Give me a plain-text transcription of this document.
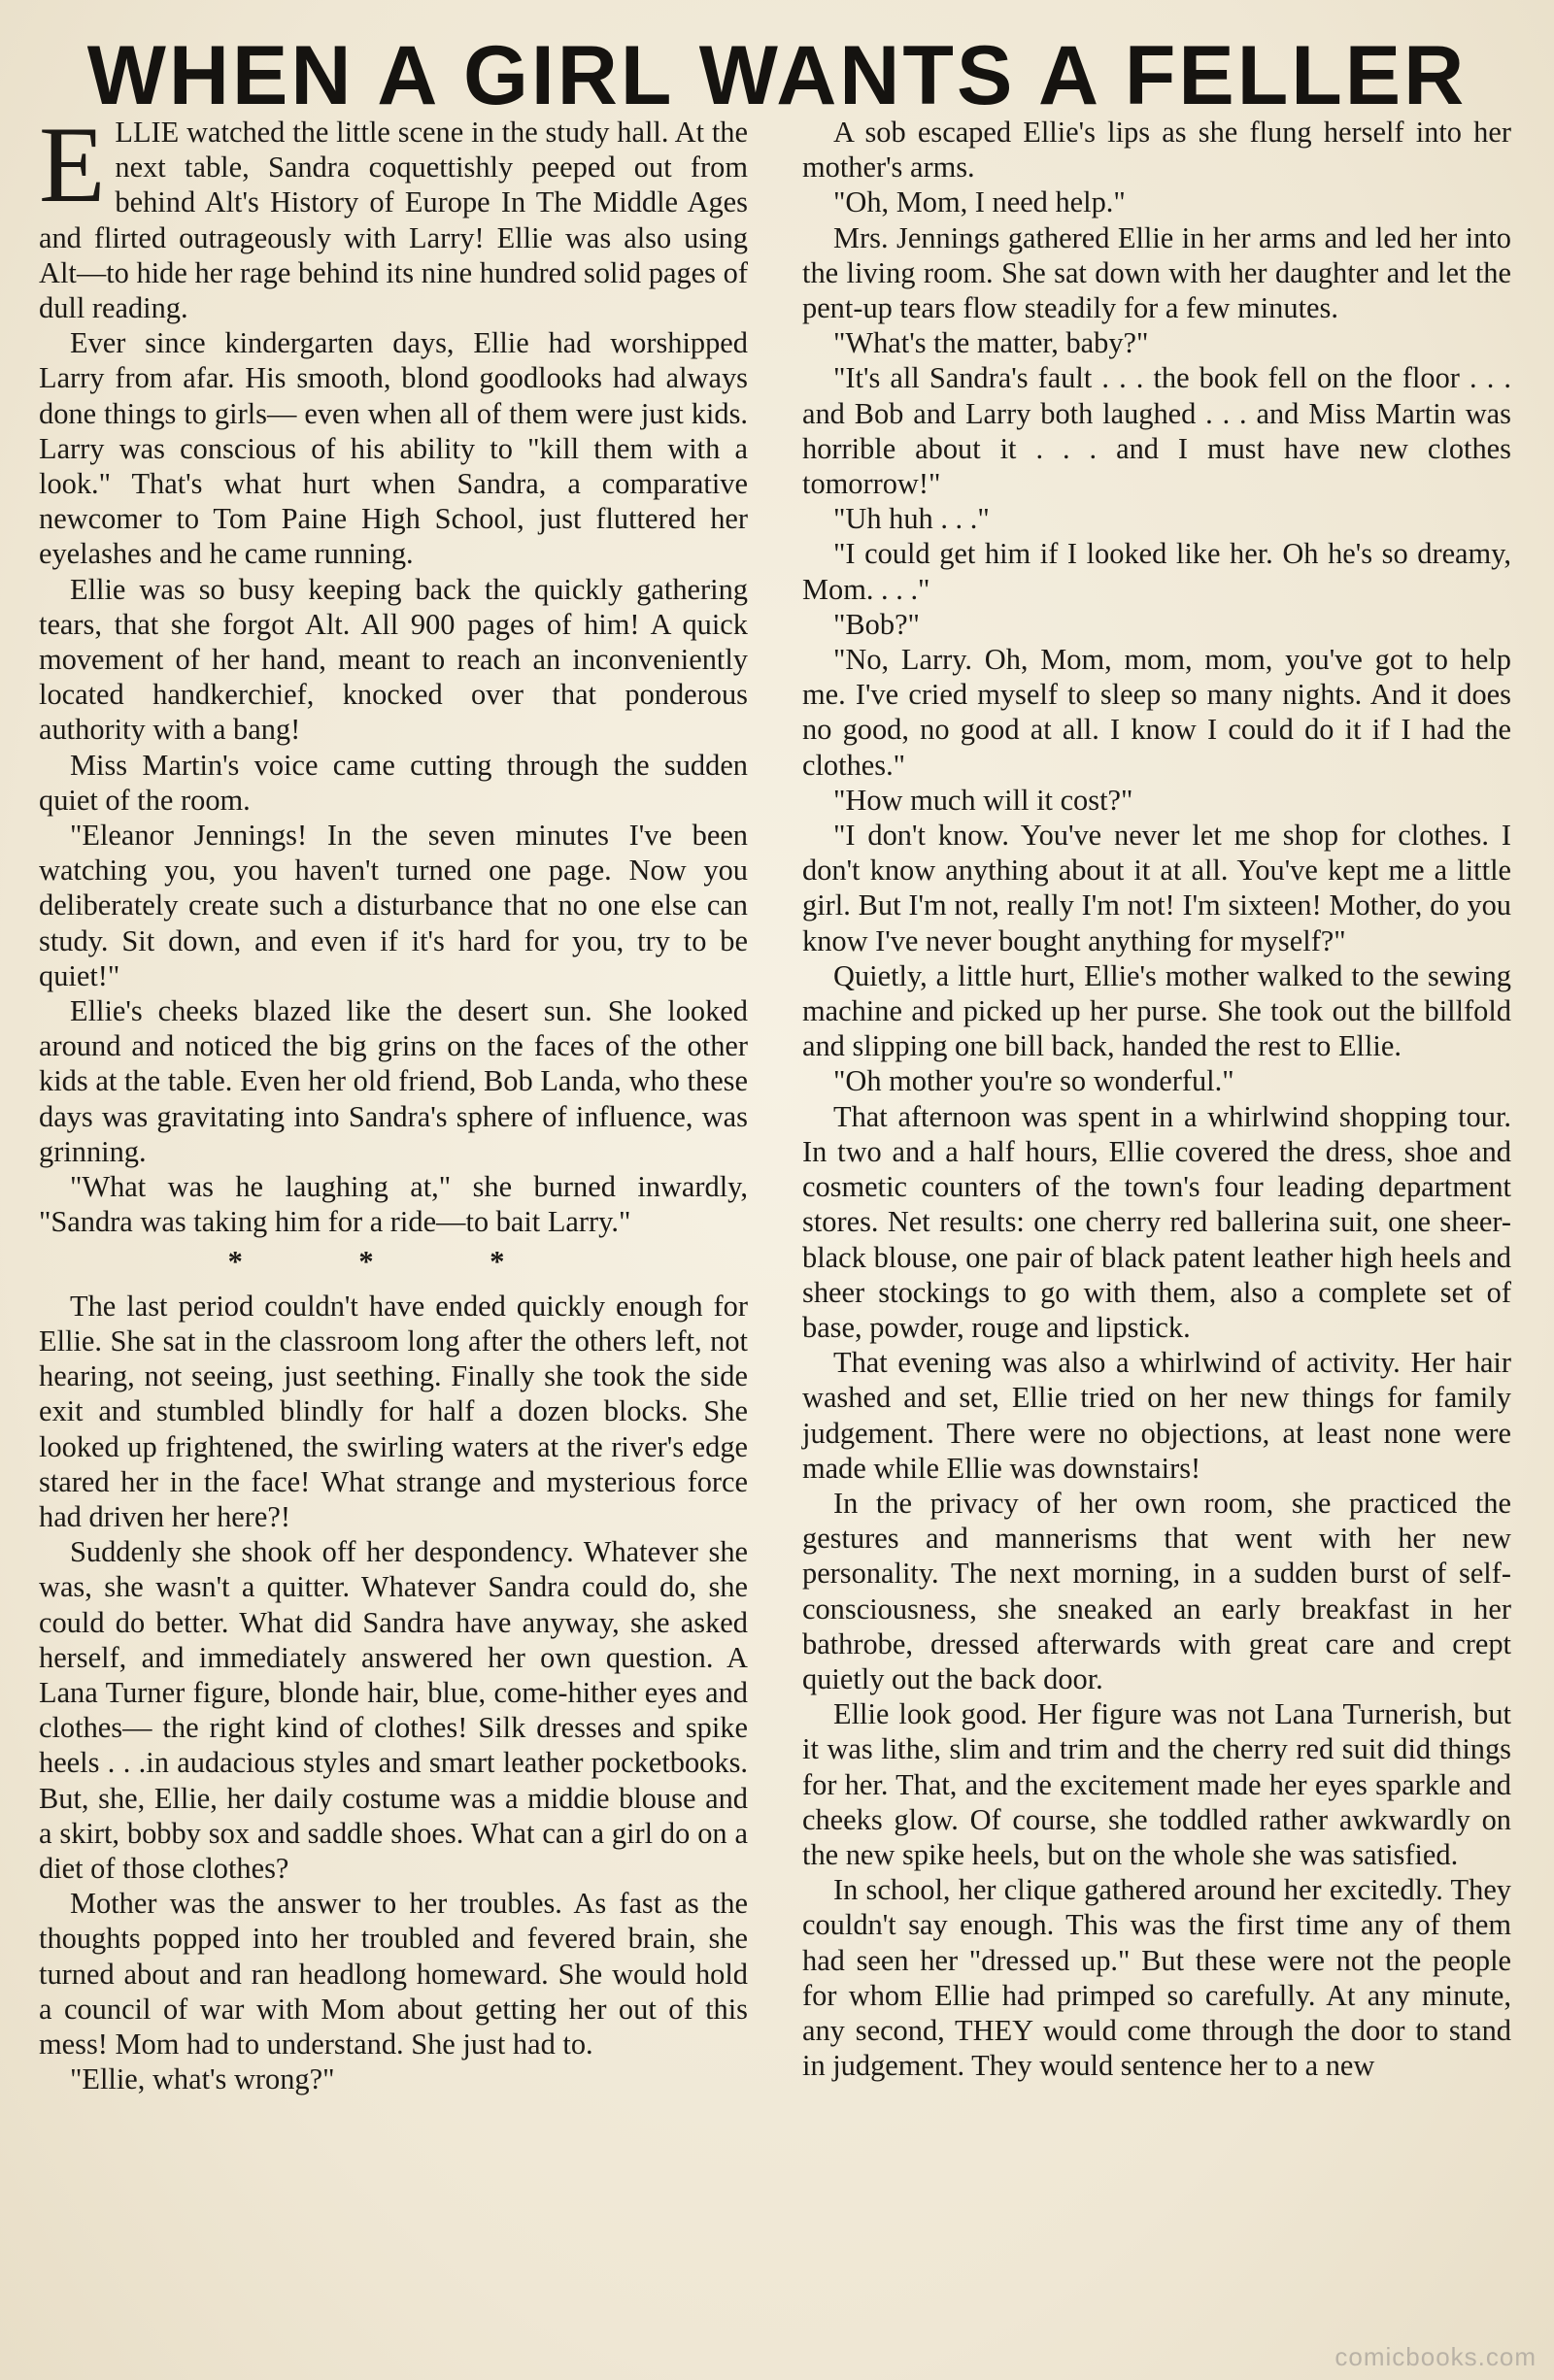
WHEN A GIRL WANTS A FELLER

ELLIE watched the little scene in the study hall. At the next table, Sandra coquettishly peeped out from behind Alt's History of Europe In The Middle Ages and flirted outrageously with Larry! Ellie was also using Alt—to hide her rage behind its nine hundred solid pages of dull reading.

Ever since kindergarten days, Ellie had worshipped Larry from afar. His smooth, blond goodlooks had always done things to girls— even when all of them were just kids. Larry was conscious of his ability to "kill them with a look." That's what hurt when Sandra, a comparative newcomer to Tom Paine High School, just fluttered her eyelashes and he came running.

Ellie was so busy keeping back the quickly gathering tears, that she forgot Alt. All 900 pages of him! A quick movement of her hand, meant to reach an inconveniently located handkerchief, knocked over that ponderous authority with a bang!

Miss Martin's voice came cutting through the sudden quiet of the room.

"Eleanor Jennings! In the seven minutes I've been watching you, you haven't turned one page. Now you deliberately create such a disturbance that no one else can study. Sit down, and even if it's hard for you, try to be quiet!"

Ellie's cheeks blazed like the desert sun. She looked around and noticed the big grins on the faces of the other kids at the table. Even her old friend, Bob Landa, who these days was gravitating into Sandra's sphere of influence, was grinning.

"What was he laughing at," she burned inwardly, "Sandra was taking him for a ride—to bait Larry."

* * *

The last period couldn't have ended quickly enough for Ellie. She sat in the classroom long after the others left, not hearing, not seeing, just seething. Finally she took the side exit and stumbled blindly for half a dozen blocks. She looked up frightened, the swirling waters at the river's edge stared her in the face! What strange and mysterious force had driven her here?!

Suddenly she shook off her despondency. Whatever she was, she wasn't a quitter. Whatever Sandra could do, she could do better. What did Sandra have anyway, she asked herself, and immediately answered her own question. A Lana Turner figure, blonde hair, blue, come-hither eyes and clothes— the right kind of clothes! Silk dresses and spike heels . . .in audacious styles and smart leather pocketbooks. But, she, Ellie, her daily costume was a middie blouse and a skirt, bobby sox and saddle shoes. What can a girl do on a diet of those clothes?

Mother was the answer to her troubles. As fast as the thoughts popped into her troubled and fevered brain, she turned about and ran headlong homeward. She would hold a council of war with Mom about getting her out of this mess! Mom had to understand. She just had to.

"Ellie, what's wrong?"

A sob escaped Ellie's lips as she flung herself into her mother's arms.

"Oh, Mom, I need help."

Mrs. Jennings gathered Ellie in her arms and led her into the living room. She sat down with her daughter and let the pent-up tears flow steadily for a few minutes.

"What's the matter, baby?"

"It's all Sandra's fault . . . the book fell on the floor . . . and Bob and Larry both laughed . . . and Miss Martin was horrible about it . . . and I must have new clothes tomorrow!"

"Uh huh . . ."

"I could get him if I looked like her. Oh he's so dreamy, Mom. . . ."

"Bob?"

"No, Larry. Oh, Mom, mom, mom, you've got to help me. I've cried myself to sleep so many nights. And it does no good, no good at all. I know I could do it if I had the clothes."

"How much will it cost?"

"I don't know. You've never let me shop for clothes. I don't know anything about it at all. You've kept me a little girl. But I'm not, really I'm not! I'm sixteen! Mother, do you know I've never bought anything for myself?"

Quietly, a little hurt, Ellie's mother walked to the sewing machine and picked up her purse. She took out the billfold and slipping one bill back, handed the rest to Ellie.

"Oh mother you're so wonderful."

That afternoon was spent in a whirlwind shopping tour. In two and a half hours, Ellie covered the dress, shoe and cosmetic counters of the town's four leading department stores. Net results: one cherry red ballerina suit, one sheer-black blouse, one pair of black patent leather high heels and sheer stockings to go with them, also a complete set of base, powder, rouge and lipstick.

That evening was also a whirlwind of activity. Her hair washed and set, Ellie tried on her new things for family judgement. There were no objections, at least none were made while Ellie was downstairs!

In the privacy of her own room, she practiced the gestures and mannerisms that went with her new personality. The next morning, in a sudden burst of self-consciousness, she sneaked an early breakfast in her bathrobe, dressed afterwards with great care and crept quietly out the back door.

Ellie look good. Her figure was not Lana Turnerish, but it was lithe, slim and trim and the cherry red suit did things for her. That, and the excitement made her eyes sparkle and cheeks glow. Of course, she toddled rather awkwardly on the new spike heels, but on the whole she was satisfied.

In school, her clique gathered around her excitedly. They couldn't say enough. This was the first time any of them had seen her "dressed up." But these were not the people for whom Ellie had primped so carefully. At any minute, any second, THEY would come through the door to stand in judgement. They would sentence her to a new

comicbooks.com
